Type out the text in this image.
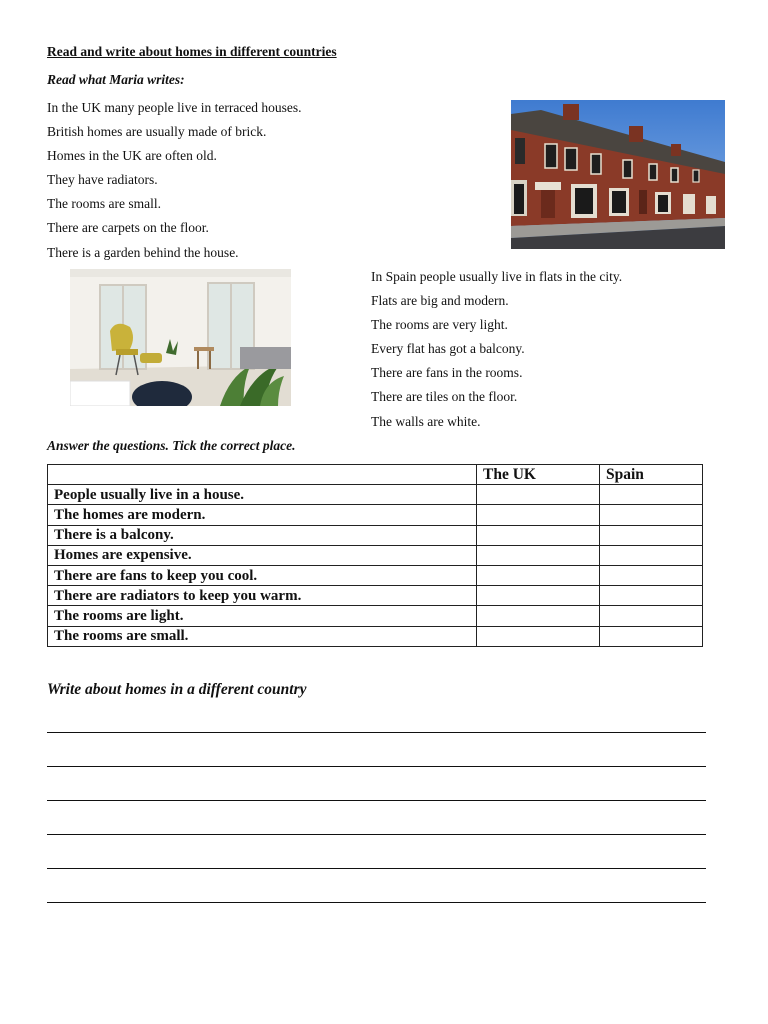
Read and write about homes in different countries
Read what Maria writes:
In the UK many people live in terraced houses.
British homes are usually made of brick.
Homes in the UK are often old.
They have radiators.
The rooms are small.
There are carpets on the floor.
There is a garden behind the house.
In Spain people usually live in flats in the city.
Flats are big and modern.
The rooms are very light.
Every flat has got a balcony.
There are fans in the rooms.
There are tiles on the floor.
The walls are white.
Answer the questions. Tick the correct place.
	The UK	Spain
People usually live in a house.		
The homes are modern.		
There is a balcony.		
Homes are expensive.		
There are fans to keep you cool.		
There are radiators to keep you warm.		
The rooms are light.		
The rooms are small.		
Write about homes in a different country
